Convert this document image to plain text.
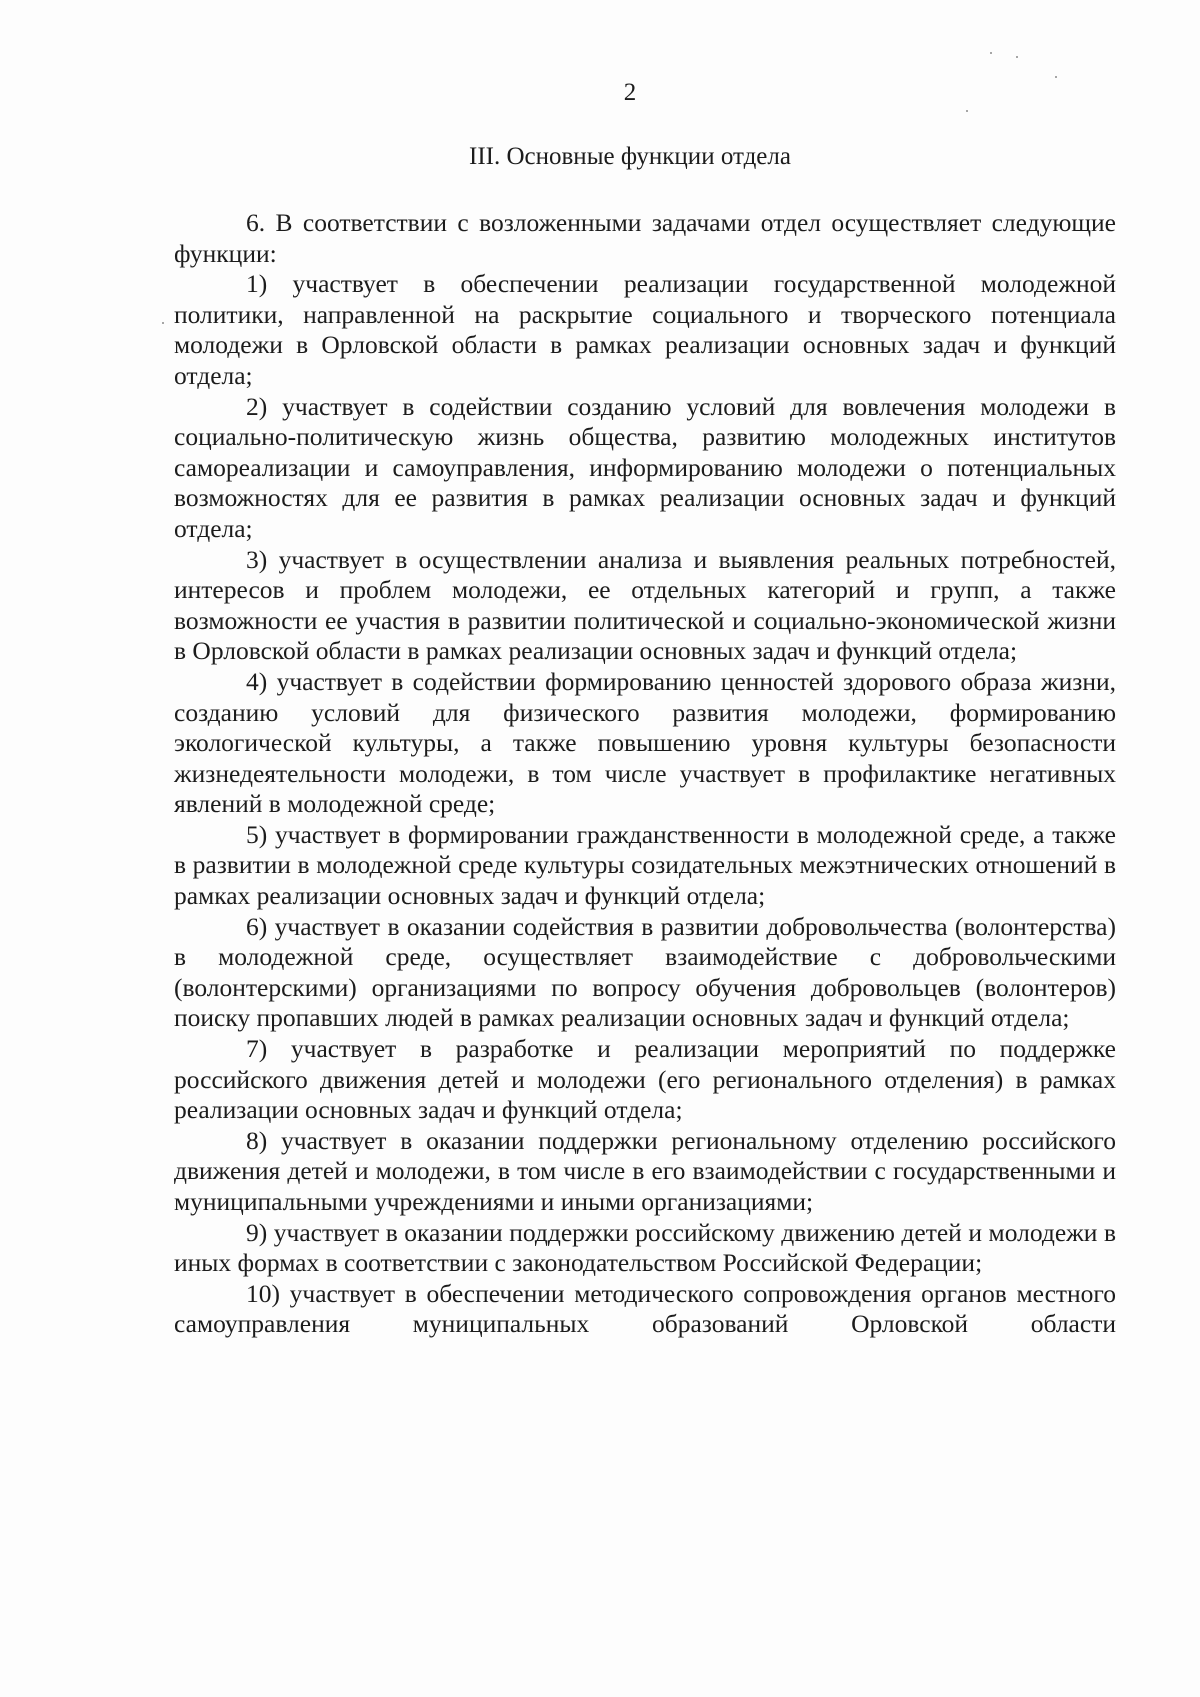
2
III. Основные функции отдела

6. В соответствии с возложенными задачами отдел осуществляет следующие функции:

1) участвует в обеспечении реализации государственной молодежной политики, направленной на раскрытие социального и творческого потенциала молодежи в Орловской области в рамках реализации основных задач и функций отдела;

2) участвует в содействии созданию условий для вовлечения молодежи в социально-политическую жизнь общества, развитию молодежных институтов самореализации и самоуправления, информированию молодежи о потенциальных возможностях для ее развития в рамках реализации основных задач и функций отдела;

3) участвует в осуществлении анализа и выявления реальных потребностей, интересов и проблем молодежи, ее отдельных категорий и групп, а также возможности ее участия в развитии политической и социально-экономической жизни в Орловской области в рамках реализации основных задач и функций отдела;

4) участвует в содействии формированию ценностей здорового образа жизни, созданию условий для физического развития молодежи, формированию экологической культуры, а также повышению уровня культуры безопасности жизнедеятельности молодежи, в том числе участвует в профилактике негативных явлений в молодежной среде;

5) участвует в формировании гражданственности в молодежной среде, а также в развитии в молодежной среде культуры созидательных межэтнических отношений в рамках реализации основных задач и функций отдела;

6) участвует в оказании содействия в развитии добровольчества (волонтерства) в молодежной среде, осуществляет взаимодействие с добровольческими (волонтерскими) организациями по вопросу обучения добровольцев (волонтеров) поиску пропавших людей в рамках реализации основных задач и функций отдела;

7) участвует в разработке и реализации мероприятий по поддержке российского движения детей и молодежи (его регионального отделения) в рамках реализации основных задач и функций отдела;

8) участвует в оказании поддержки региональному отделению российского движения детей и молодежи, в том числе в его взаимодействии с государственными и муниципальными учреждениями и иными организациями;

9) участвует в оказании поддержки российскому движению детей и молодежи в иных формах в соответствии с законодательством Российской Федерации;

10) участвует в обеспечении методического сопровождения органов местного самоуправления муниципальных образований Орловской области
